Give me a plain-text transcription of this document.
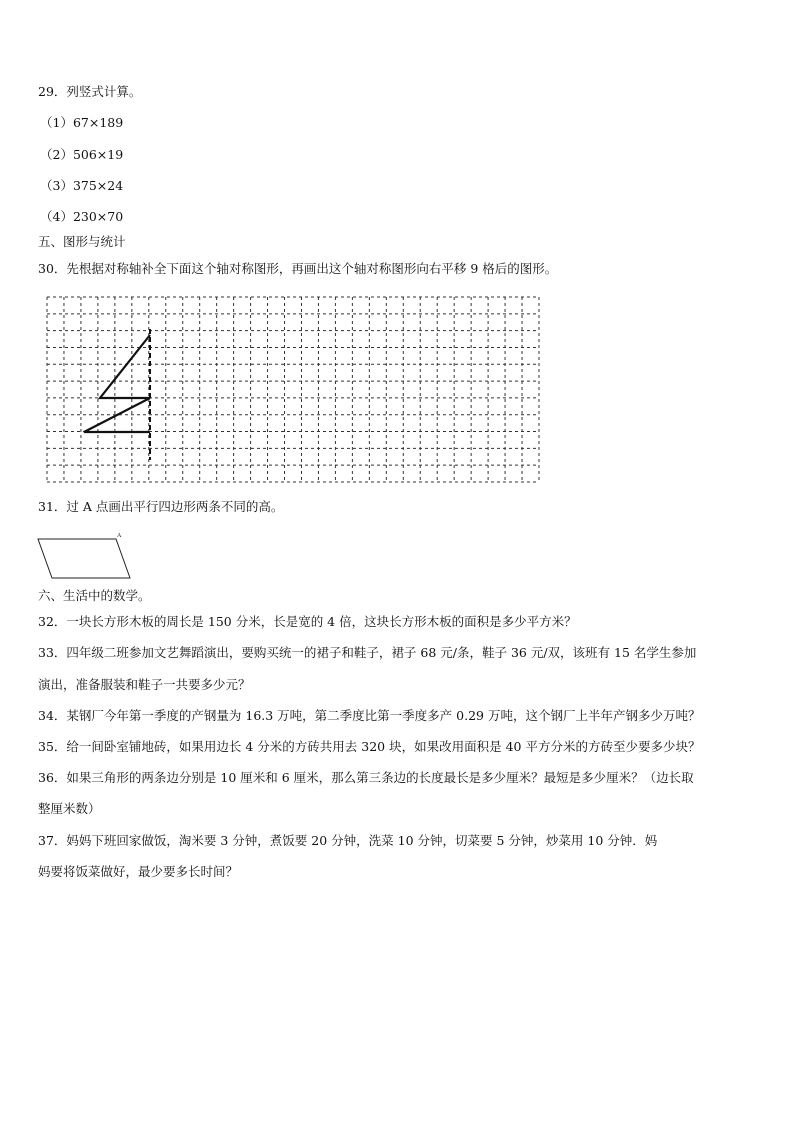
29．列竖式计算。
（1）67×189
（2）506×19
（3）375×24
（4）230×70
五、图形与统计
30．先根据对称轴补全下面这个轴对称图形，再画出这个轴对称图形向右平移 9 格后的图形。
31．过 A 点画出平行四边形两条不同的高。
A
六、生活中的数学。
32．一块长方形木板的周长是 150 分米，长是宽的 4 倍，这块长方形木板的面积是多少平方米？
33．四年级二班参加文艺舞蹈演出，要购买统一的裙子和鞋子，裙子 68 元/条，鞋子 36 元/双，该班有 15 名学生参加
演出，准备服装和鞋子一共要多少元？
34．某钢厂今年第一季度的产钢量为 16.3 万吨，第二季度比第一季度多产 0.29 万吨，这个钢厂上半年产钢多少万吨？
35．给一间卧室铺地砖，如果用边长 4 分米的方砖共用去 320 块，如果改用面积是 40 平方分米的方砖至少要多少块？
36．如果三角形的两条边分别是 10 厘米和 6 厘米，那么第三条边的长度最长是多少厘米？最短是多少厘米？（边长取
整厘米数）
37．妈妈下班回家做饭，淘米要 3 分钟，煮饭要 20 分钟，洗菜 10 分钟，切菜要 5 分钟，炒菜用 10 分钟．妈
妈要将饭菜做好，最少要多长时间？
